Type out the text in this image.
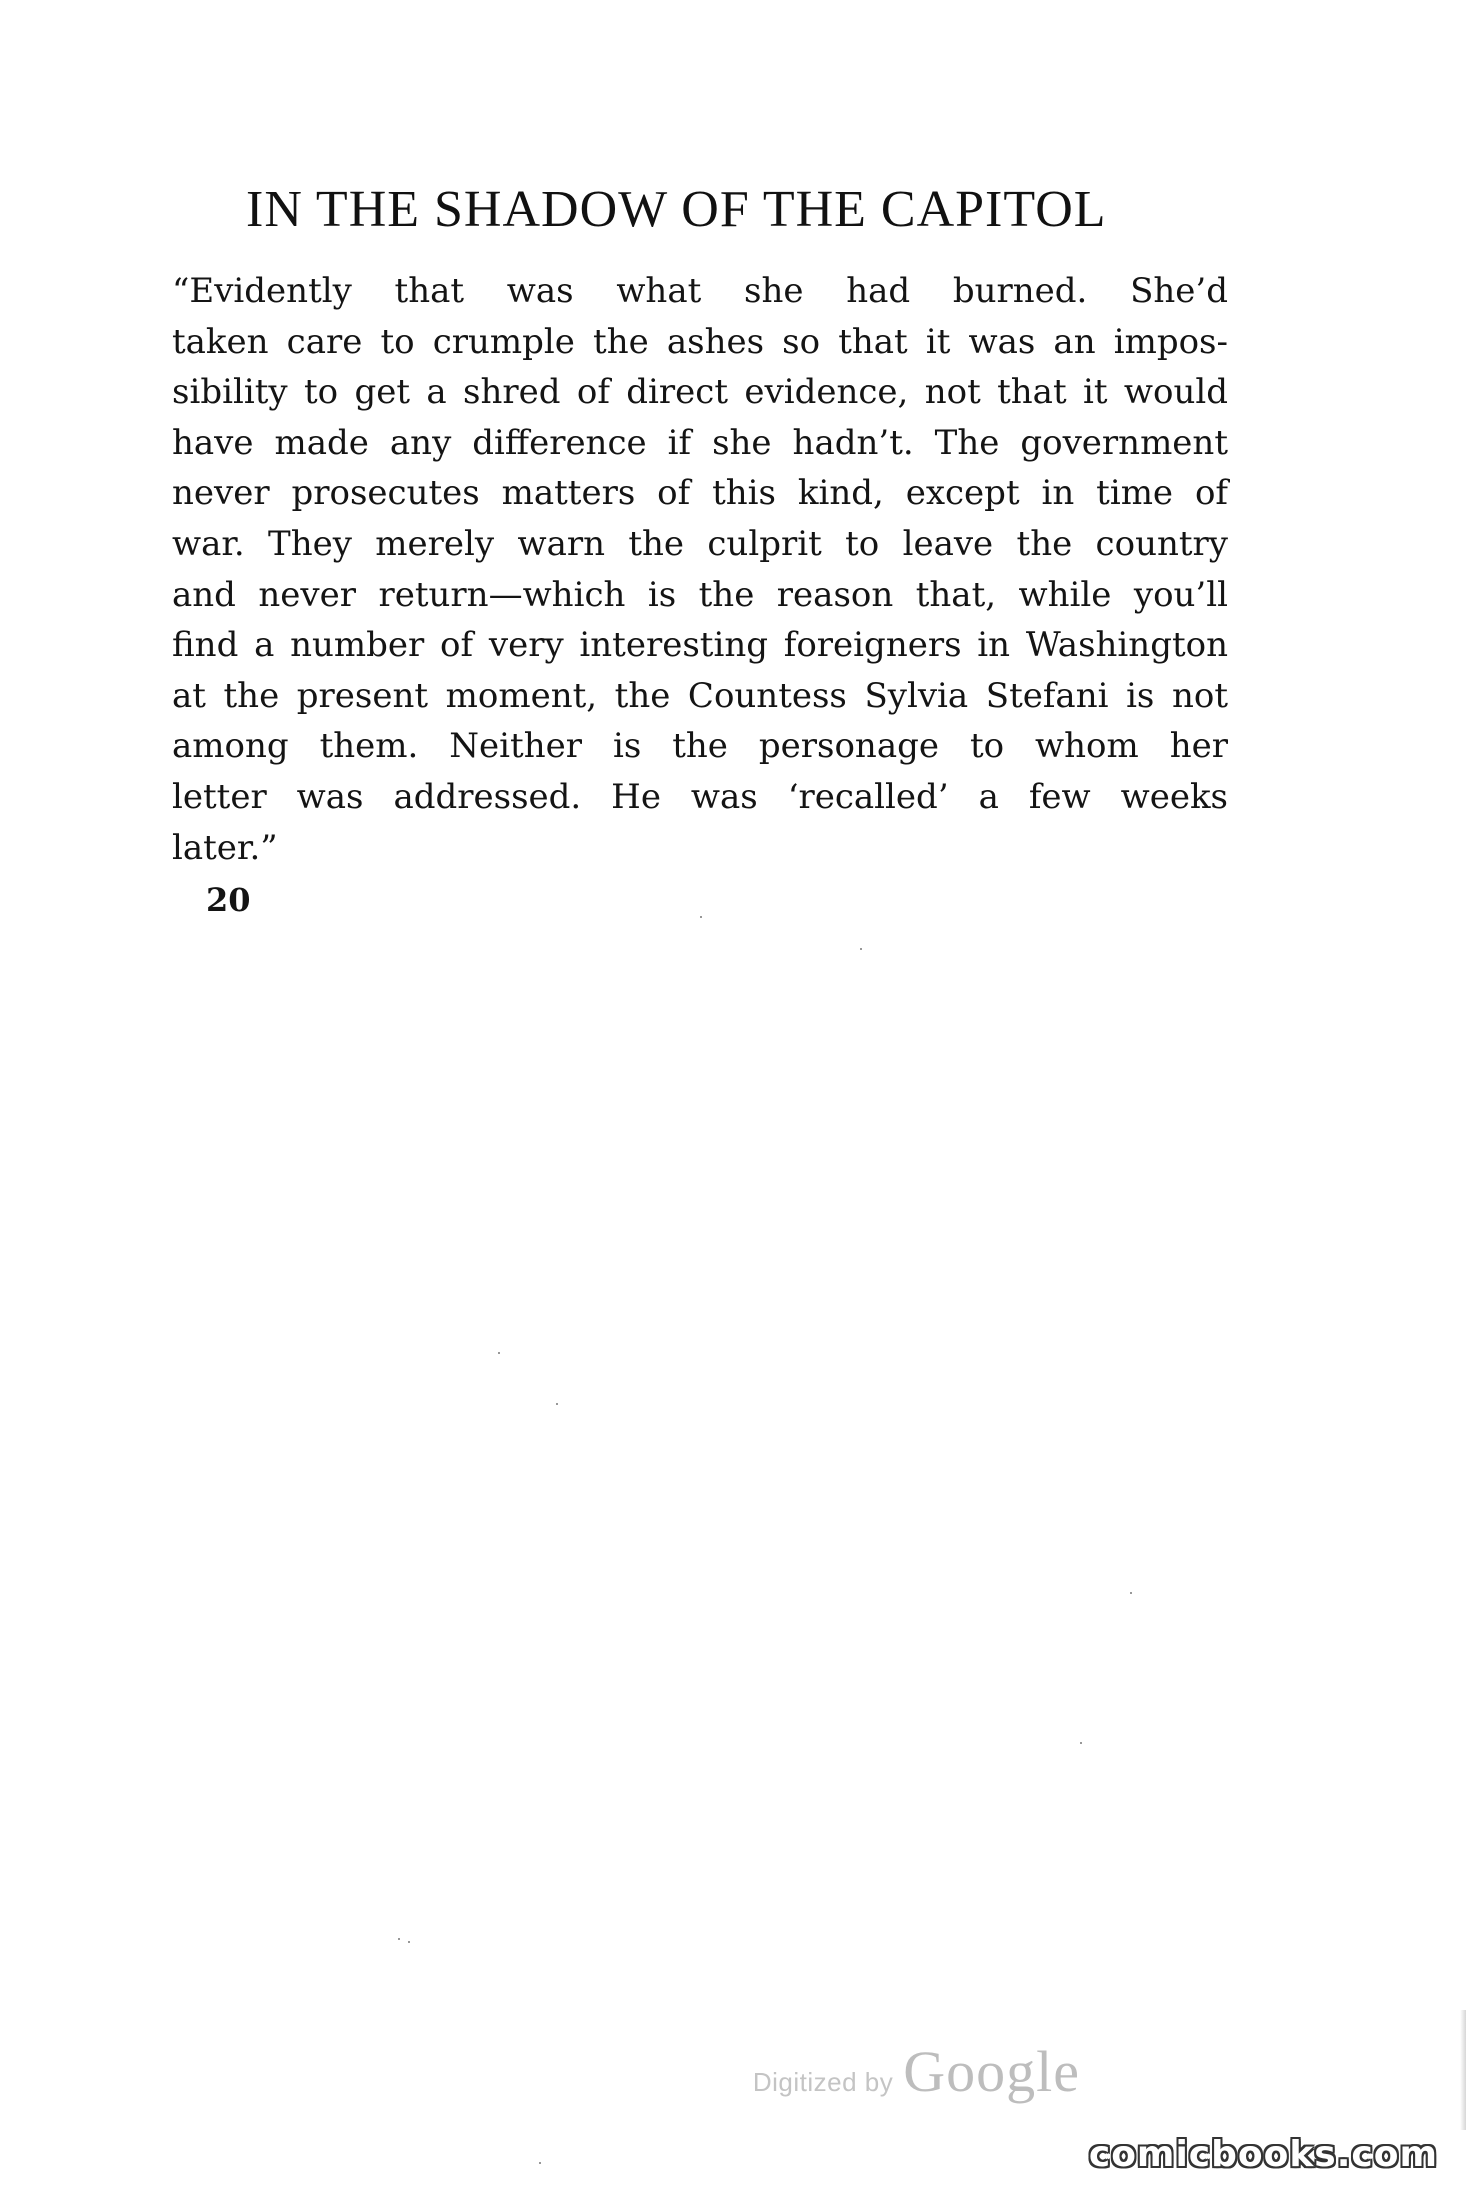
IN THE SHADOW OF THE CAPITOL
“Evidently that was what she had burned. She’d
taken care to crumple the ashes so that it was an impos-
sibility to get a shred of direct evidence, not that it would
have made any difference if she hadn’t. The government
never prosecutes matters of this kind, except in time of
war. They merely warn the culprit to leave the country
and never return—which is the reason that, while you’ll
find a number of very interesting foreigners in Washington
at the present moment, the Countess Sylvia Stefani is not
among them. Neither is the personage to whom her
letter was addressed. He was ‘recalled’ a few weeks
later.”
20
Digitized by Google
comicbooks.com
